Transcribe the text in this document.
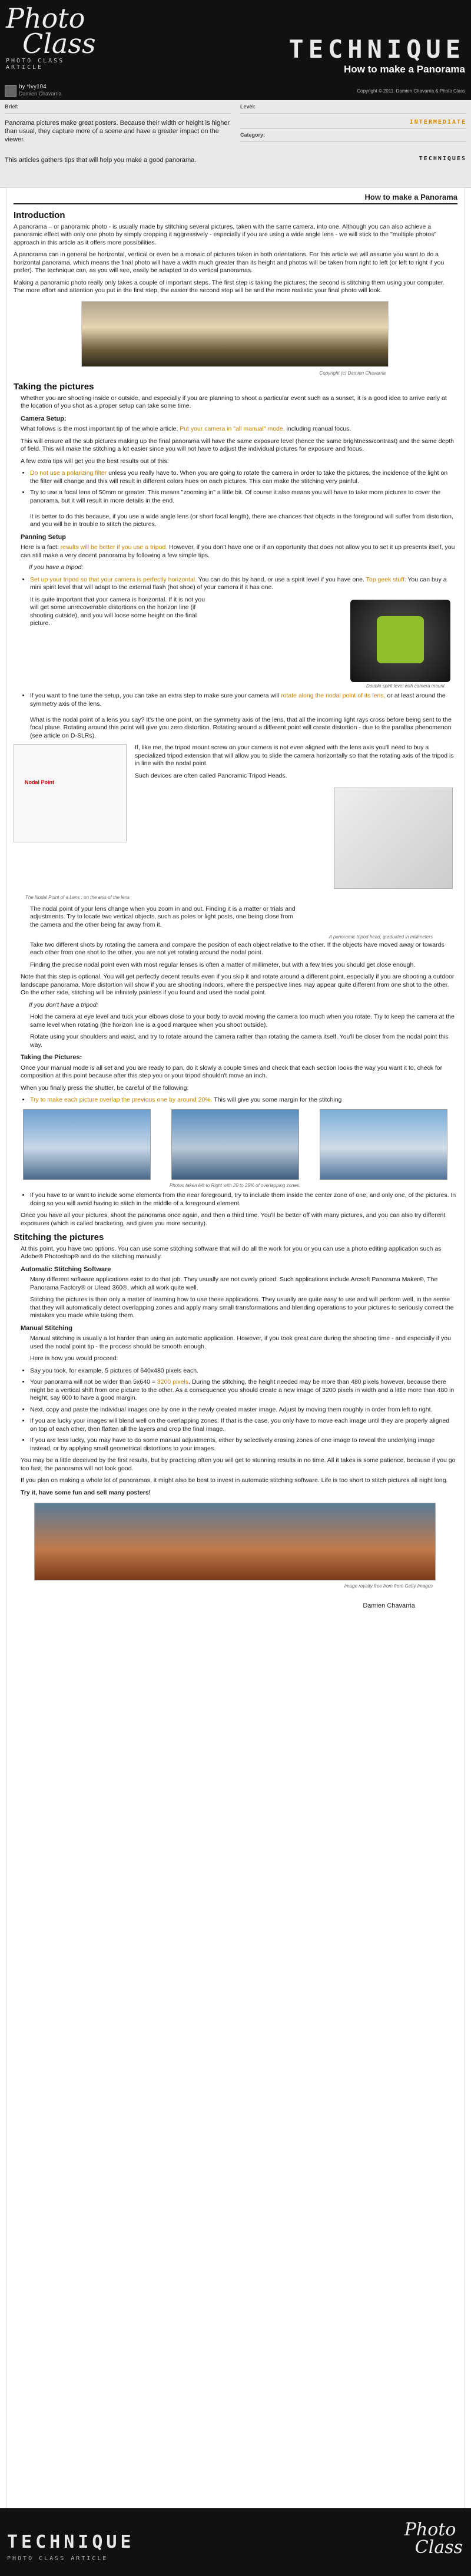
Photo
Class
PHOTO CLASS ARTICLE
by *Ivy104
Damien Chavarria
TECHNIQUE
How to make a Panorama
Copyright © 2011. Damien Chavarria & Photo Class
Brief:
Panorama pictures make great posters. Because their width or height is higher than usual, they capture more of a scene and have a greater impact on the viewer.
This articles gathers tips that will help you make a good panorama.
Level:
INTERMEDIATE
Category:
TECHNIQUES
How to make a Panorama
Introduction

A panorama – or panoramic photo - is usually made by stitching several pictures, taken with the same camera, into one. Although you can also achieve a panoramic effect with only one photo by simply cropping it aggressively - especially if you are using a wide angle lens - we will stick to the "multiple photos" approach in this article as it offers more possibilities.

A panorama can in general be horizontal, vertical or even be a mosaic of pictures taken in both orientations. For this article we will assume you want to do a horizontal panorama, which means the final photo will have a width much greater than its height and photos will be taken from right to left (or left to right if you prefer). The technique can, as you will see, easily be adapted to do vertical panoramas.

Making a panoramic photo really only takes a couple of important steps. The first step is taking the pictures; the second is stitching them using your computer. The more effort and attention you put in the first step, the easier the second step will be and the more realistic your final photo will look.

Copyright (c) Damien Chavarria
Taking the pictures

Whether you are shooting inside or outside, and especially if you are planning to shoot a particular event such as a sunset, it is a good idea to arrive early at the location of you shot as a proper setup can take some time.

Camera Setup:

What follows is the most important tip of the whole article: Put your camera in "all manual" mode, including manual focus.

This will ensure all the sub pictures making up the final panorama will have the same exposure level (hence the same brightness/contrast) and the same depth of field. This will make the stitching a lot easier since you will not have to adjust the individual pictures for exposure and focus.

A few extra tips will get you the best results out of this:

• Do not use a polarizing filter unless you really have to. When you are going to rotate the camera in order to take the pictures, the incidence of the light on the filter will change and this will result in different colors hues on each pictures. This can make the stitching very painful.
• Try to use a focal lens of 50mm or greater. This means "zooming in" a little bit. Of course it also means you will have to take more pictures to cover the panorama, but it will result in more details in the end.

It is better to do this because, if you use a wide angle lens (or short focal length), there are chances that objects in the foreground will suffer from distortion, and you will be in trouble to stitch the pictures.
Panning Setup

Here is a fact: results will be better if you use a tripod. However, if you don't have one or if an opportunity that does not allow you to set it up presents itself, you can still make a very decent panorama by following a few simple tips.

If you have a tripod:

• Set up your tripod so that your camera is perfectly horizontal. You can do this by hand, or use a spirit level if you have one. Top geek stuff: You can buy a mini spirit level that will adapt to the external flash (hot shoe) of your camera if it has one.

It is quite important that your camera is horizontal. If it is not you will get some unrecoverable distortions on the horizon line (if shooting outside), and you will loose some height on the final picture.

Double spirit level with camera mount
• If you want to fine tune the setup, you can take an extra step to make sure your camera will rotate along the nodal point of its lens, or at least around the symmetry axis of the lens.

What is the nodal point of a lens you say? It's the one point, on the symmetry axis of the lens, that all the incoming light rays cross before being sent to the focal plane. Rotating around this point will give you zero distortion. Rotating around a different point will create distortion - due to the parallax phenomenon (see article on D-SLRs).
Nodal Point

If, like me, the tripod mount screw on your camera is not even aligned with the lens axis you'll need to buy a specialized tripod extension that will allow you to slide the camera horizontally so that the rotating axis of the tripod is in line with the nodal point.

Such devices are often called Panoramic Tripod Heads.

The Nodal Point of a Lens : on the axis of the lens

The nodal point of your lens change when you zoom in and out. Finding it is a matter or trials and adjustments. Try to locate two vertical objects, such as poles or light posts, one being close from the camera and the other being far away from it.

A panoramic tripod head, graduated in millimeters

Take two different shots by rotating the camera and compare the position of each object relative to the other. If the objects have moved away or towards each other from one shot to the other, you are not yet rotating around the nodal point.

Finding the precise nodal point even with most regular lenses is often a matter of millimeter, but with a few tries you should get close enough.

Note that this step is optional. You will get perfectly decent results even if you skip it and rotate around a different point, especially if you are shooting a outdoor landscape panorama. More distortion will show if you are shooting indoors, where the perspective lines may appear quite different from one shot to the other. On the other side, stitching will be infinitely painless if you found and used the nodal point.

If you don't have a tripod:

Hold the camera at eye level and tuck your elbows close to your body to avoid moving the camera too much when you rotate. Try to keep the camera at the same level when rotating (the horizon line is a good marquee when you shoot outside).

Rotate using your shoulders and waist, and try to rotate around the camera rather than rotating the camera itself. You'll be closer from the nodal point this way.

Taking the Pictures:

Once your manual mode is all set and you are ready to pan, do it slowly a couple times and check that each section looks the way you want it to, check for composition at this point because after this step you or your tripod shouldn't move an inch.

When you finally press the shutter, be careful of the following:

• Try to make each picture overlap the previous one by around 20%. This will give you some margin for the stitching
Photos taken left to Right with 20 to 25% of overlapping zones.
• If you have to or want to include some elements from the near foreground, try to include them inside the center zone of one, and only one, of the pictures. In doing so you will avoid having to stitch in the middle of a foreground element.

Once you have all your pictures, shoot the panorama once again, and then a third time. You'll be better off with many pictures, and you can also try different exposures (which is called bracketing, and gives you more security).

Stitching the pictures

At this point, you have two options. You can use some stitching software that will do all the work for you or you can use a photo editing application such as Adobe® Photoshop® and do the stitching manually.

Automatic Stitching Software

Many different software applications exist to do that job. They usually are not overly priced. Such applications include Arcsoft Panorama Maker®, The Panorama Factory® or Ulead 360®, which all work quite well.

Stitching the pictures is then only a matter of learning how to use these applications. They usually are quite easy to use and will perform well, in the sense that they will automatically detect overlapping zones and apply many small transformations and blending operations to your pictures to seriously correct the mistakes you made while taking them.

Manual Stitching

Manual stitching is usually a lot harder than using an automatic application. However, if you took great care during the shooting time - and especially if you used the nodal point tip - the process should be smooth enough.

Here is how you would proceed:

• Say you took, for example, 5 pictures of 640x480 pixels each.
• Your panorama will not be wider than 5x640 = 3200 pixels. During the stitching, the height needed may be more than 480 pixels however, because there might be a vertical shift from one picture to the other. As a consequence you should create a new image of 3200 pixels in width and a little more than 480 in height, say 600 to have a good margin.
• Next, copy and paste the individual images one by one in the newly created master image. Adjust by moving them roughly in order from left to right.
• If you are lucky your images will blend well on the overlapping zones. If that is the case, you only have to move each image until they are properly aligned on top of each other, then flatten all the layers and crop the final image.
• If you are less lucky, you may have to do some manual adjustments, either by selectively erasing zones of one image to reveal the underlying image instead, or by applying small geometrical distortions to your images.

You may be a little deceived by the first results, but by practicing often you will get to stunning results in no time. All it takes is some patience, because if you go too fast, the panorama will not look good.

If you plan on making a whole lot of panoramas, it might also be best to invest in automatic stitching software. Life is too short to stitch pictures all night long.

Try it, have some fun and sell many posters!

Image royalty free from from Getty Images

Damien Chavarria

TECHNIQUE
PHOTO CLASS ARTICLE
Photo
Class
